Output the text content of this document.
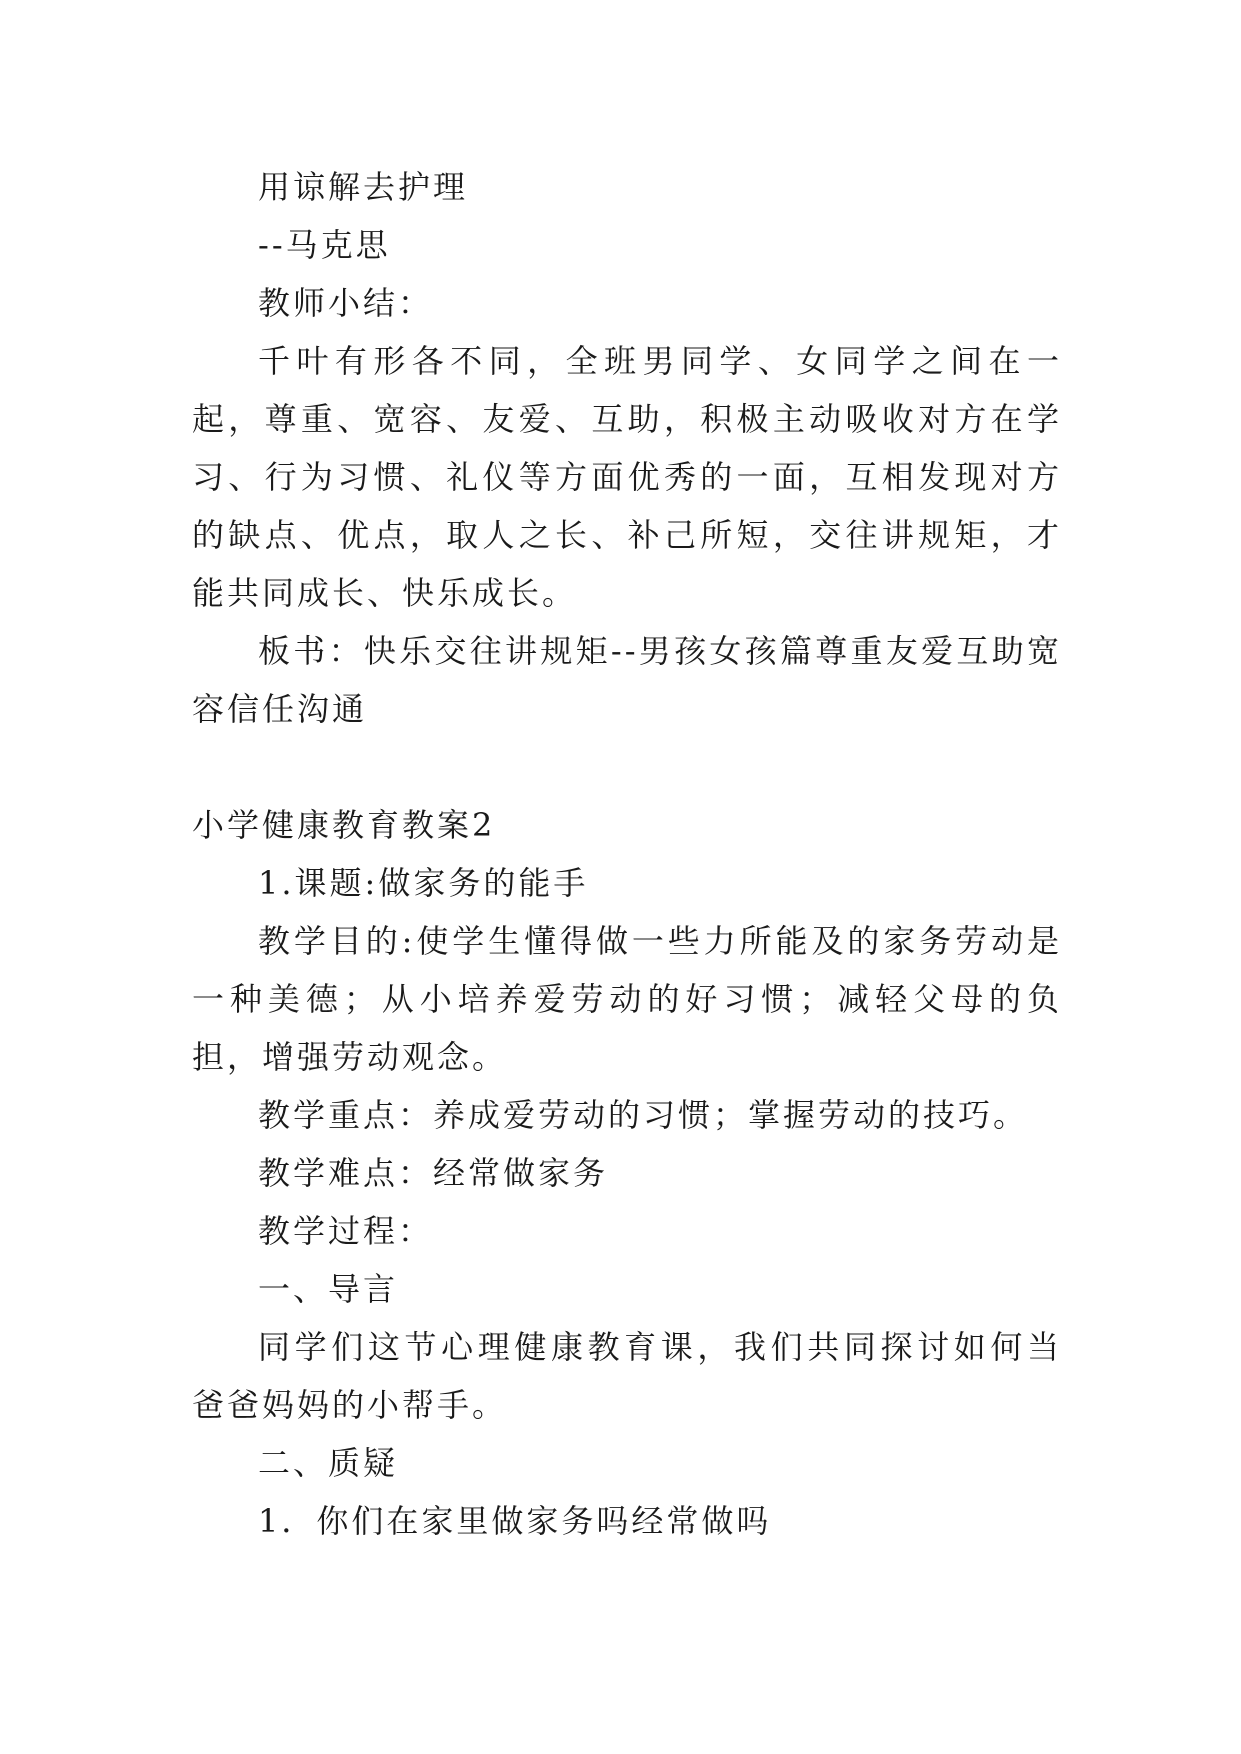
用谅解去护理

--马克思

教师小结：

千叶有形各不同，全班男同学、女同学之间在一起，尊重、宽容、友爱、互助，积极主动吸收对方在学习、行为习惯、礼仪等方面优秀的一面，互相发现对方的缺点、优点，取人之长、补己所短，交往讲规矩，才能共同成长、快乐成长。

板书：快乐交往讲规矩--男孩女孩篇尊重友爱互助宽容信任沟通

小学健康教育教案2

1.课题:做家务的能手

教学目的:使学生懂得做一些力所能及的家务劳动是一种美德；从小培养爱劳动的好习惯；减轻父母的负担，增强劳动观念。

教学重点：养成爱劳动的习惯；掌握劳动的技巧。

教学难点：经常做家务

教学过程：

一、导言

同学们这节心理健康教育课，我们共同探讨如何当爸爸妈妈的小帮手。

二、质疑

1．你们在家里做家务吗经常做吗
